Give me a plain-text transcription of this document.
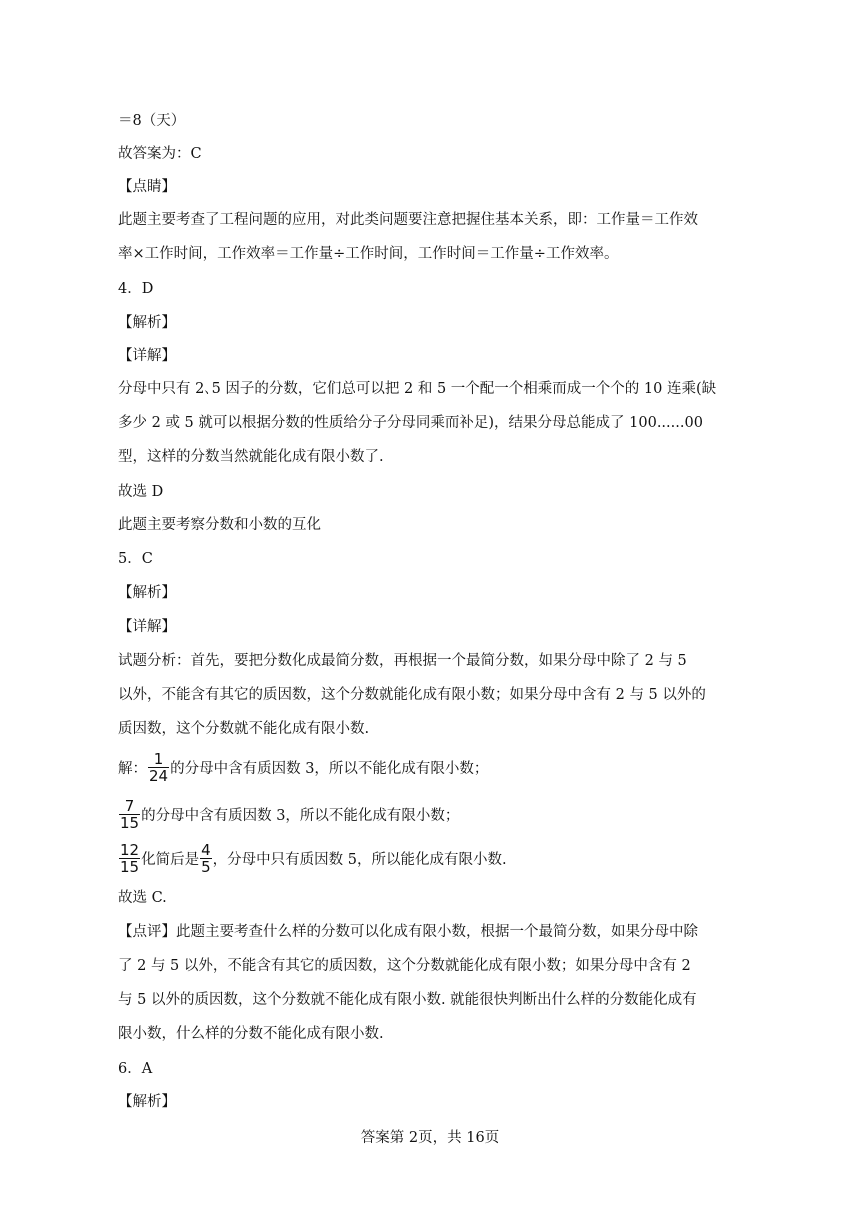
＝8（天）
故答案为：C
【点睛】
此题主要考查了工程问题的应用，对此类问题要注意把握住基本关系，即：工作量＝工作效
率×工作时间，工作效率＝工作量÷工作时间，工作时间＝工作量÷工作效率。
4．D
【解析】
【详解】
分母中只有 2､5 因子的分数，它们总可以把 2 和 5 一个配一个相乘而成一个个的 10 连乘(缺
多少 2 或 5 就可以根据分数的性质给分子分母同乘而补足)，结果分母总能成了 100......00
型，这样的分数当然就能化成有限小数了.
故选 D
此题主要考察分数和小数的互化
5．C
【解析】
【详解】
试题分析：首先，要把分数化成最简分数，再根据一个最简分数，如果分母中除了 2 与 5
以外，不能含有其它的质因数，这个分数就能化成有限小数；如果分母中含有 2 与 5 以外的
质因数，这个分数就不能化成有限小数.
解： $\frac{1}{24}$ 的分母中含有质因数 3，所以不能化成有限小数；
$\frac{7}{15}$ 的分母中含有质因数 3，所以不能化成有限小数；
$\frac{12}{15}$ 化简后是 $\frac{4}{5}$ ，分母中只有质因数 5，所以能化成有限小数.
故选 C.
【点评】此题主要考查什么样的分数可以化成有限小数，根据一个最简分数，如果分母中除
了 2 与 5 以外，不能含有其它的质因数，这个分数就能化成有限小数；如果分母中含有 2
与 5 以外的质因数，这个分数就不能化成有限小数. 就能很快判断出什么样的分数能化成有
限小数，什么样的分数不能化成有限小数.
6．A
【解析】
答案第 2页，共 16页
